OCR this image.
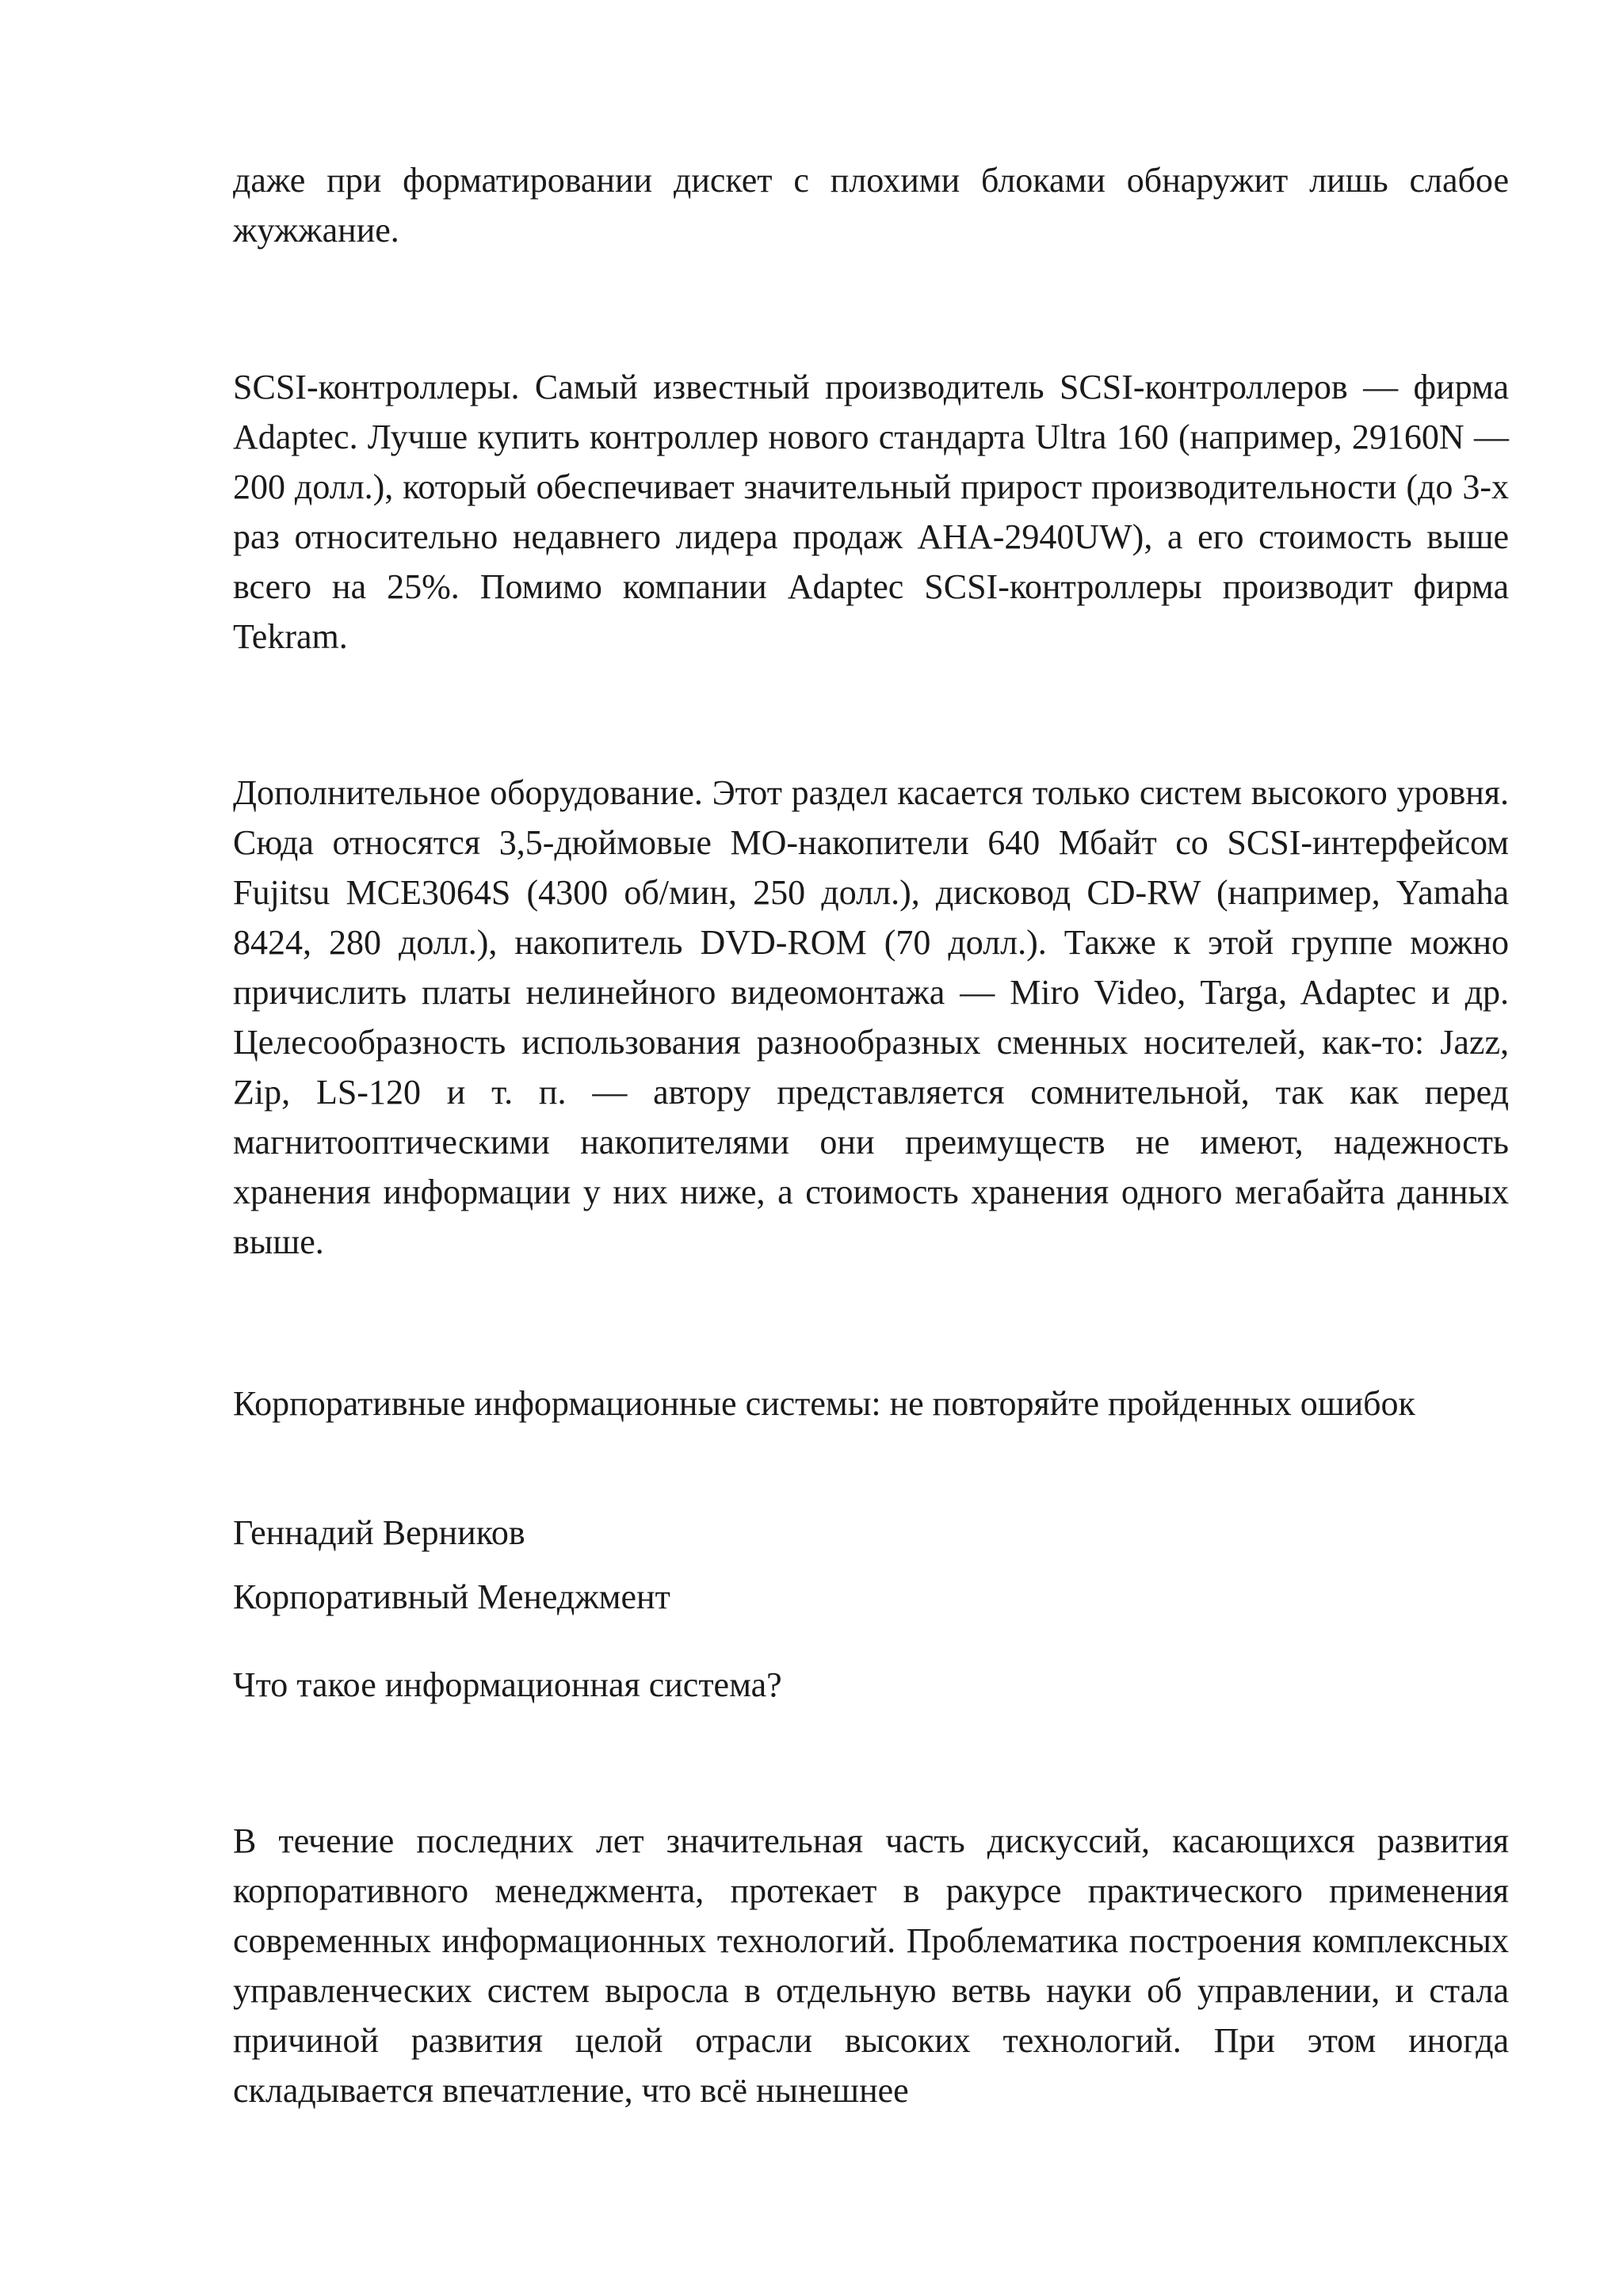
даже при форматировании дискет с плохими блоками обнаружит лишь слабое жужжание.

SCSI-контроллеры. Самый известный производитель SCSI-контроллеров — фирма Adaptec. Лучше купить контроллер нового стандарта Ultra 160 (например, 29160N — 200 долл.), который обеспечивает значительный прирост производительности (до 3-х раз относительно недавнего лидера продаж AHA-2940UW), а его стоимость выше всего на 25%. Помимо компании Adaptec SCSI-контроллеры производит фирма Tekram.

Дополнительное оборудование. Этот раздел касается только систем высокого уровня. Сюда относятся 3,5-дюймовые МО-накопители 640 Мбайт со SCSI-интерфейсом Fujitsu MCE3064S (4300 об/мин, 250 долл.), дисковод CD-RW (например, Yamaha 8424, 280 долл.), накопитель DVD-ROM (70 долл.). Также к этой группе можно причислить платы нелинейного видеомонтажа — Miro Video, Targa, Adaptec и др. Целесообразность использования разнообразных сменных носителей, как-то: Jazz, Zip, LS-120 и т. п. — автору представляется сомнительной, так как перед магнитооптическими накопителями они преимуществ не имеют, надежность хранения информации у них ниже, а стоимость хранения одного мегабайта данных выше.

Корпоративные информационные системы: не повторяйте пройденных ошибок

Геннадий Верников

Корпоративный Менеджмент

Что такое информационная система?

В течение последних лет значительная часть дискуссий, касающихся развития корпоративного менеджмента, протекает в ракурсе практического применения современных информационных технологий. Проблематика построения комплексных управленческих систем выросла в отдельную ветвь науки об управлении, и стала причиной развития целой отрасли высоких технологий. При этом иногда складывается впечатление, что всё нынешнее
